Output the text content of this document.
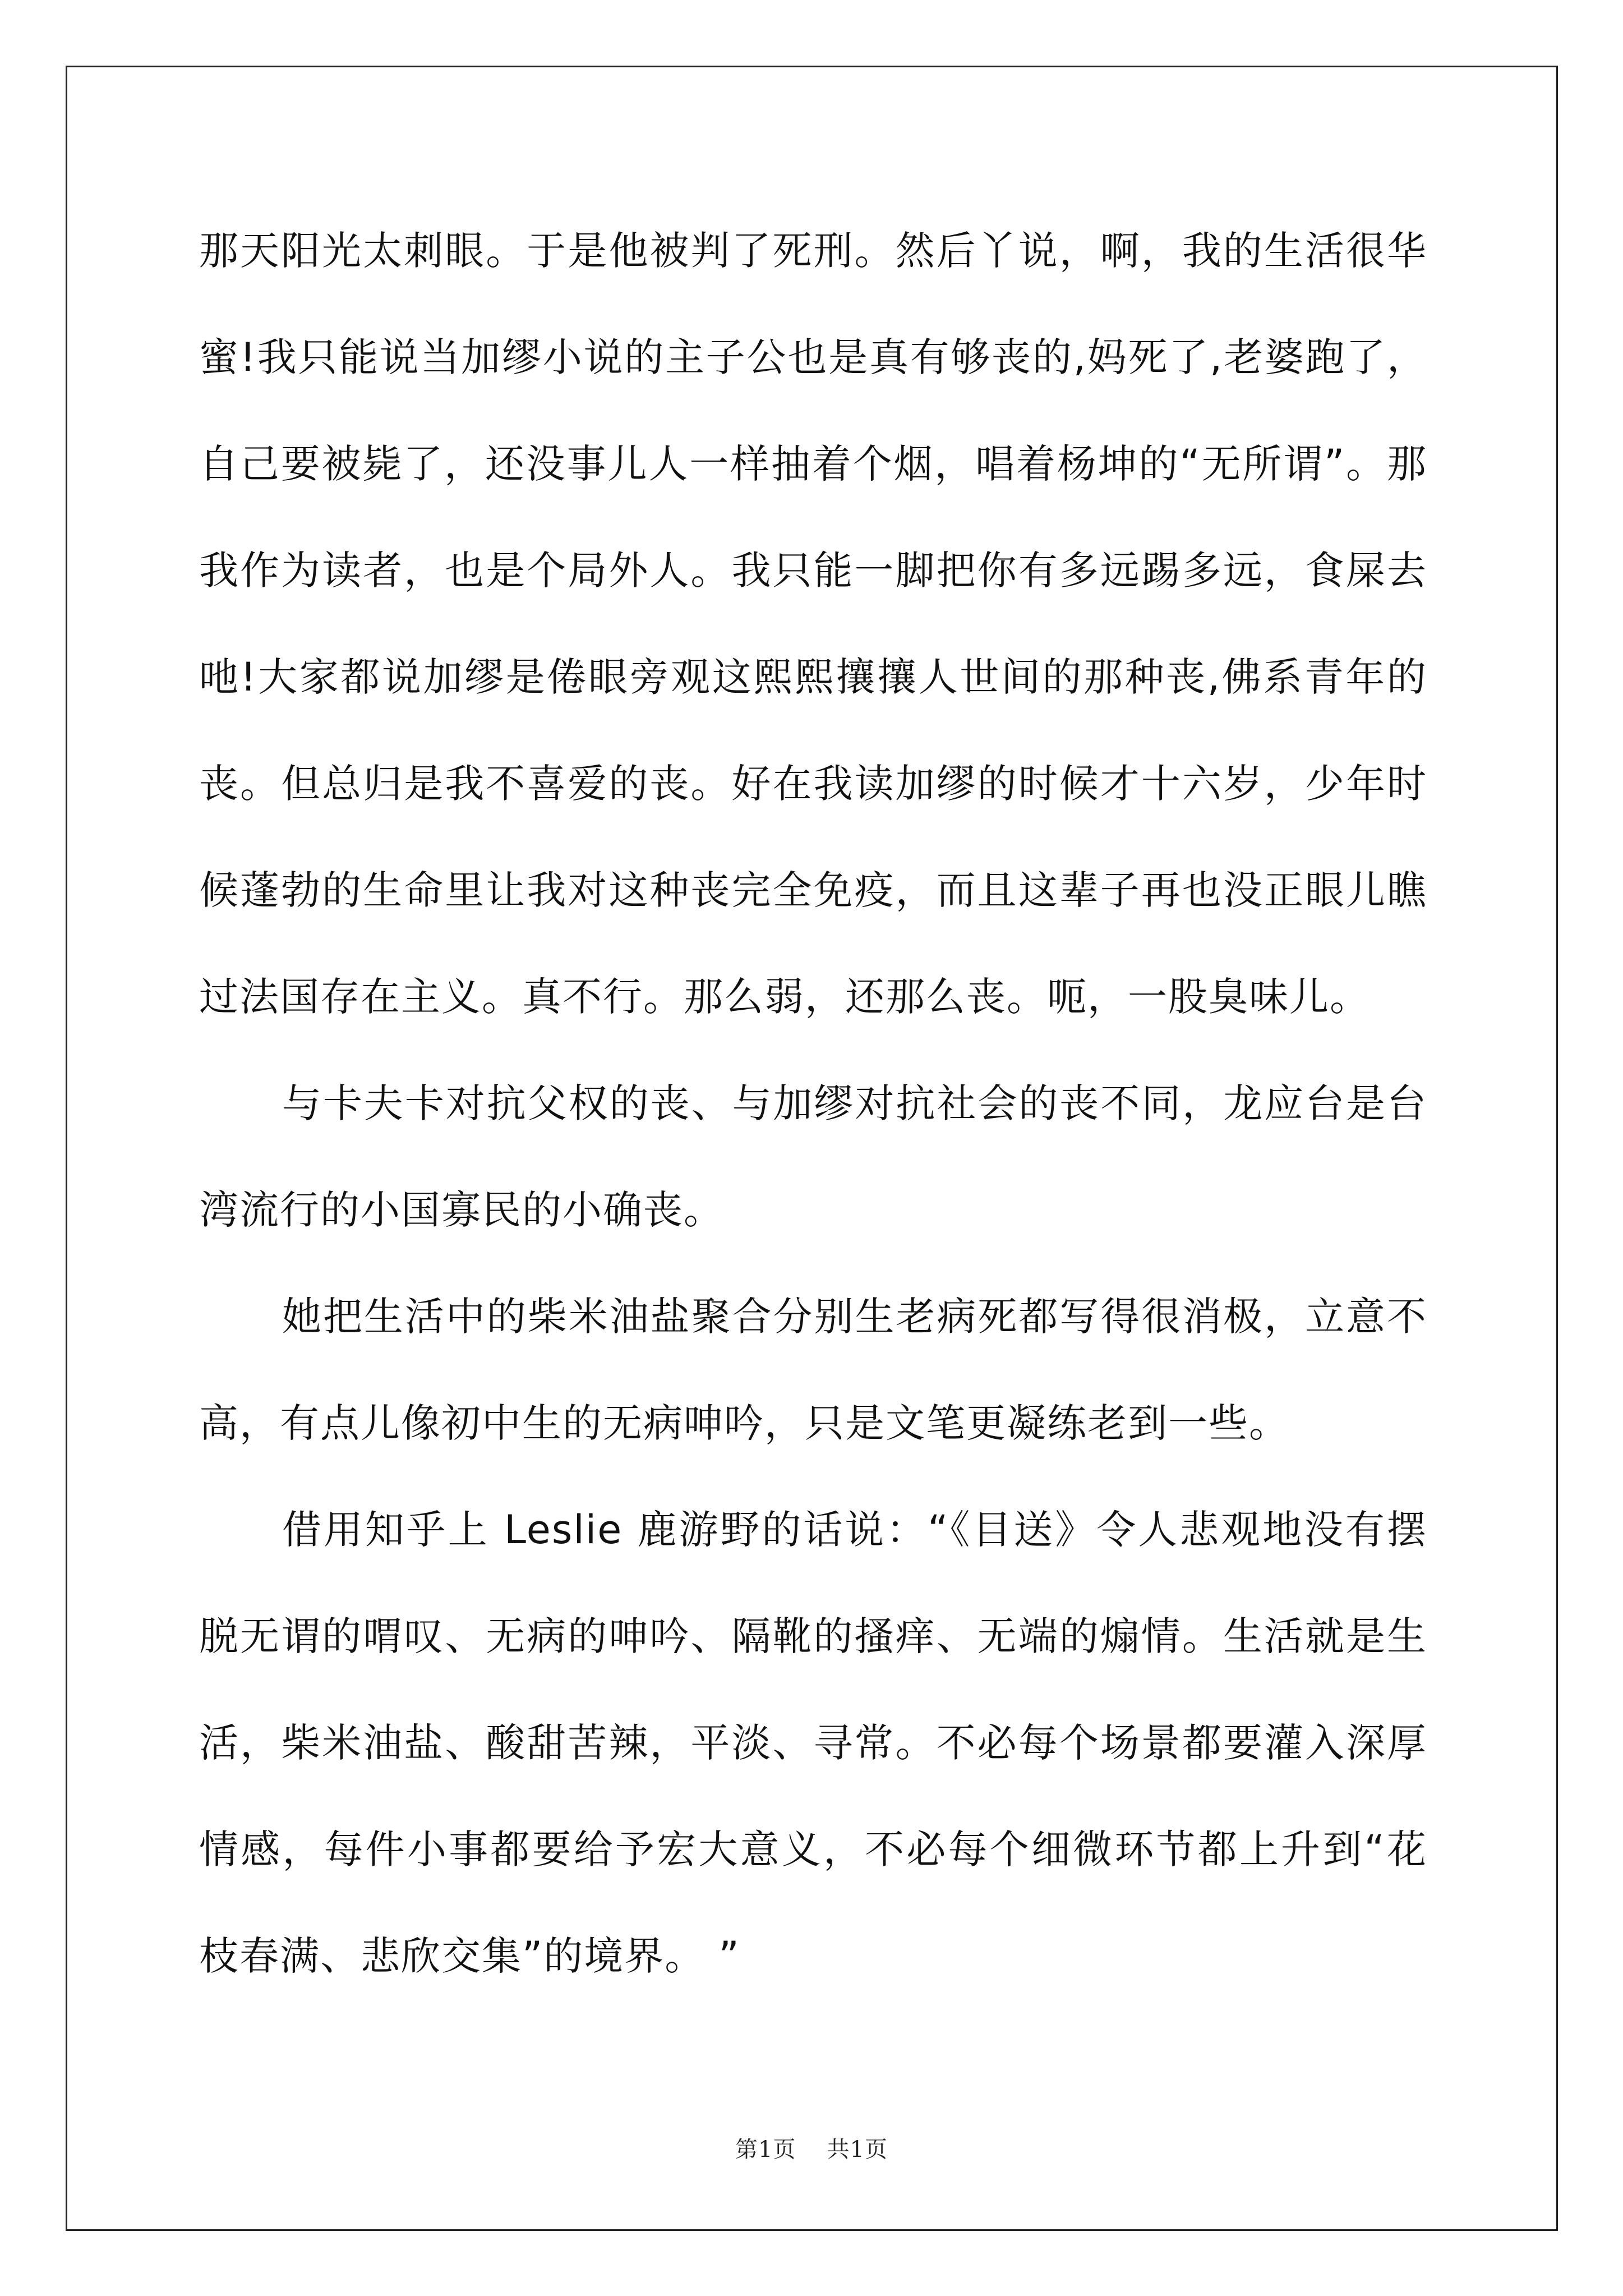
那天阳光太刺眼。于是他被判了死刑。然后丫说，啊，我的生活很华
蜜!我只能说当加缪小说的主子公也是真有够丧的,妈死了,老婆跑了，
自己要被毙了，还没事儿人一样抽着个烟，唱着杨坤的“无所谓”。那
我作为读者，也是个局外人。我只能一脚把你有多远踢多远，食屎去
吔!大家都说加缪是倦眼旁观这熙熙攘攘人世间的那种丧,佛系青年的
丧。但总归是我不喜爱的丧。好在我读加缪的时候才十六岁，少年时
候蓬勃的生命里让我对这种丧完全免疫，而且这辈子再也没正眼儿瞧
过法国存在主义。真不行。那么弱，还那么丧。呃，一股臭味儿。
与卡夫卡对抗父权的丧、与加缪对抗社会的丧不同，龙应台是台
湾流行的小国寡民的小确丧。
她把生活中的柴米油盐聚合分别生老病死都写得很消极，立意不
高，有点儿像初中生的无病呻吟，只是文笔更凝练老到一些。
借用知乎上 Leslie 鹿游野的话说：“《目送》令人悲观地没有摆
脱无谓的喟叹、无病的呻吟、隔靴的搔痒、无端的煽情。生活就是生
活，柴米油盐、酸甜苦辣，平淡、寻常。不必每个场景都要灌入深厚
情感，每件小事都要给予宏大意义，不必每个细微环节都上升到“花
枝春满、悲欣交集”的境界。 ”
第1页 共1页
